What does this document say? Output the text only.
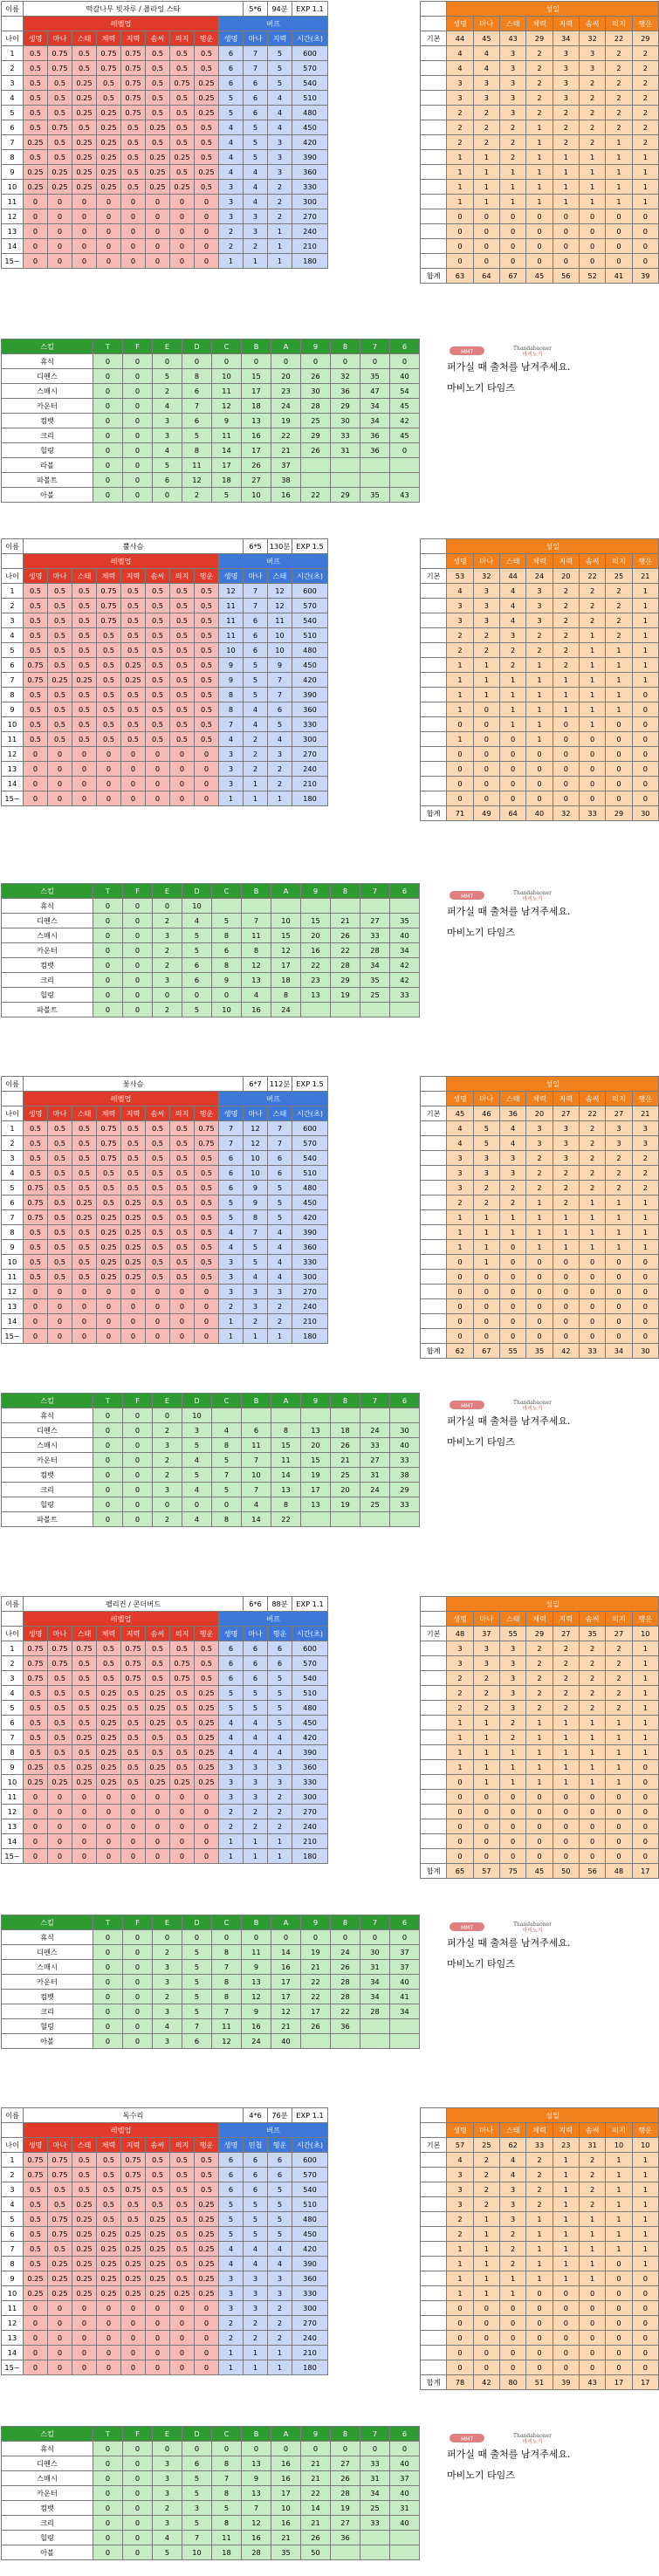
이름	떡갈나무 빗자루 / 플라잉 스타									5*6	94분	EXP 1.1
	레벨업								버프			
나이	생명	마나	스태	체력	지력	솜씨	의지	행운	생명	마나	지력	시간(초)
1	0.5	0.75	0.5	0.75	0.75	0.5	0.5	0.5	6	7	5	600
2	0.5	0.75	0.5	0.75	0.75	0.5	0.5	0.5	6	7	5	570
3	0.5	0.5	0.25	0.5	0.75	0.5	0.75	0.25	6	6	5	540
4	0.5	0.5	0.25	0.5	0.75	0.5	0.5	0.25	5	6	4	510
5	0.5	0.5	0.25	0.25	0.75	0.5	0.5	0.25	5	6	4	480
6	0.5	0.75	0.5	0.25	0.5	0.25	0.5	0.5	4	5	4	450
7	0.25	0.5	0.25	0.25	0.5	0.5	0.5	0.5	4	5	3	420
8	0.5	0.5	0.25	0.25	0.5	0.25	0.25	0.5	4	5	3	390
9	0.25	0.25	0.25	0.25	0.5	0.25	0.5	0.25	4	4	3	360
10	0.25	0.25	0.25	0.25	0.5	0.25	0.25	0.5	3	4	2	330
11	0	0	0	0	0	0	0	0	3	4	2	300
12	0	0	0	0	0	0	0	0	3	3	2	270
13	0	0	0	0	0	0	0	0	2	3	1	240
14	0	0	0	0	0	0	0	0	2	2	1	210
15~	0	0	0	0	0	0	0	0	1	1	1	180
	성일							
	생명	마나	스태	체력	지력	솜씨	의지	행운
기본	44	45	43	29	34	32	22	29
	4	4	3	2	3	3	2	2
	4	4	3	2	3	3	2	2
	3	3	3	2	3	2	2	2
	3	3	3	2	3	2	2	2
	2	2	3	2	2	2	2	2
	2	2	2	1	2	2	2	2
	2	2	2	1	2	2	1	2
	1	1	2	1	1	1	1	1
	1	1	1	1	1	1	1	1
	1	1	1	1	1	1	1	1
	1	1	1	1	1	1	1	1
	0	0	0	0	0	0	0	0
	0	0	0	0	0	0	0	0
	0	0	0	0	0	0	0	0
	0	0	0	0	0	0	0	0
합계	63	64	67	45	56	52	41	39
스킬	T	F	E	D	C	B	A	9	8	7	6
휴식	0	0	0	0	0	0	0	0	0	0	0
디펜스	0	0	5	8	10	15	20	26	32	35	40
스매시	0	0	2	6	11	17	23	30	36	47	54
카운터	0	0	4	7	12	18	24	28	29	34	45
컴뱃	0	0	3	6	9	13	19	25	30	34	42
크리	0	0	3	5	11	16	22	29	33	36	45
힐링	0	0	4	8	14	17	21	26	31	36	0
라볼	0	0	5	11	17	26	37				
파볼트	0	0	6	12	18	27	38				
아볼	0	0	0	2	5	10	16	22	29	35	43
MMT
Thandabaoner
마비노기
퍼가실 때 출처를 남겨주세요.
마비노기 타임즈
이름	뿔사슴									6*5	130분	EXP 1.5
	레벨업								버프			
나이	생명	마나	스태	체력	지력	솜씨	의지	행운	생명	마나	스태	시간(초)
1	0.5	0.5	0.5	0.75	0.5	0.5	0.5	0.5	12	7	12	600
2	0.5	0.5	0.5	0.75	0.5	0.5	0.5	0.5	11	7	12	570
3	0.5	0.5	0.5	0.75	0.5	0.5	0.5	0.5	11	6	11	540
4	0.5	0.5	0.5	0.5	0.5	0.5	0.5	0.5	11	6	10	510
5	0.5	0.5	0.5	0.5	0.5	0.5	0.5	0.5	10	6	10	480
6	0.75	0.5	0.5	0.5	0.25	0.5	0.5	0.5	9	5	9	450
7	0.75	0.25	0.25	0.5	0.25	0.5	0.5	0.5	9	5	7	420
8	0.5	0.5	0.5	0.5	0.5	0.5	0.5	0.5	8	5	7	390
9	0.5	0.5	0.5	0.5	0.5	0.5	0.5	0.5	8	4	6	360
10	0.5	0.5	0.5	0.5	0.5	0.5	0.5	0.5	7	4	5	330
11	0.5	0.5	0.5	0.5	0.5	0.5	0.5	0.5	4	2	4	300
12	0	0	0	0	0	0	0	0	3	2	3	270
13	0	0	0	0	0	0	0	0	3	2	2	240
14	0	0	0	0	0	0	0	0	3	1	2	210
15~	0	0	0	0	0	0	0	0	1	1	1	180
	성일							
	생명	마나	스태	체력	지력	솜씨	의지	행운
기본	53	32	44	24	20	22	25	21
	4	3	4	3	2	2	2	1
	3	3	4	3	2	2	2	1
	3	3	4	3	2	2	2	1
	2	2	3	2	2	1	2	1
	2	2	2	2	2	1	1	1
	1	1	2	1	2	1	1	1
	1	1	1	1	1	1	1	1
	1	1	1	1	1	1	1	0
	1	0	1	1	1	1	1	0
	0	0	1	1	0	1	0	0
	1	0	0	1	0	0	0	0
	0	0	0	0	0	0	0	0
	0	0	0	0	0	0	0	0
	0	0	0	0	0	0	0	0
	0	0	0	0	0	0	0	0
합계	71	49	64	40	32	33	29	30
스킬	T	F	E	D	C	B	A	9	8	7	6
휴식	0	0	0	10							
디펜스	0	0	2	4	5	7	10	15	21	27	35
스매시	0	0	3	5	8	11	15	20	26	33	40
카운터	0	0	2	5	6	8	12	16	22	28	34
컴뱃	0	0	2	6	8	12	17	22	28	34	42
크리	0	0	3	6	9	13	18	23	29	35	42
힐링	0	0	0	0	0	4	8	13	19	25	33
파볼트	0	0	2	5	10	16	24				
MMT
Thandabaoner
마비노기
퍼가실 때 출처를 남겨주세요.
마비노기 타임즈
이름	꽃사슴									6*7	112분	EXP 1.5
	레벨업								버프			
나이	생명	마나	스태	체력	지력	솜씨	의지	행운	생명	마나	스태	시간(초)
1	0.5	0.5	0.5	0.75	0.5	0.5	0.5	0.75	7	12	7	600
2	0.5	0.5	0.5	0.75	0.5	0.5	0.5	0.75	7	12	7	570
3	0.5	0.5	0.5	0.75	0.5	0.5	0.5	0.5	6	10	6	540
4	0.5	0.5	0.5	0.5	0.5	0.5	0.5	0.5	6	10	6	510
5	0.75	0.5	0.5	0.5	0.5	0.5	0.5	0.5	6	9	5	480
6	0.75	0.5	0.25	0.5	0.25	0.5	0.5	0.5	5	9	5	450
7	0.75	0.5	0.25	0.25	0.25	0.5	0.5	0.5	5	8	5	420
8	0.5	0.5	0.5	0.25	0.25	0.5	0.5	0.5	4	7	4	390
9	0.5	0.5	0.5	0.25	0.25	0.5	0.5	0.5	4	5	4	360
10	0.5	0.5	0.5	0.25	0.25	0.5	0.5	0.5	3	5	4	330
11	0.5	0.5	0.5	0.25	0.25	0.5	0.5	0.5	3	4	4	300
12	0	0	0	0	0	0	0	0	3	3	3	270
13	0	0	0	0	0	0	0	0	2	3	2	240
14	0	0	0	0	0	0	0	0	1	2	2	210
15~	0	0	0	0	0	0	0	0	1	1	1	180
	성일							
	생명	마나	스태	체력	지력	솜씨	의지	행운
기본	45	46	36	20	27	22	27	21
	4	5	4	3	3	2	3	3
	4	5	4	3	3	2	3	3
	3	3	3	2	3	2	2	2
	3	3	3	2	2	2	2	2
	3	2	2	2	2	2	2	2
	2	2	2	1	2	1	1	1
	1	1	1	1	1	1	1	1
	1	1	1	1	1	1	1	1
	1	1	0	1	1	1	1	1
	0	1	0	0	0	0	0	0
	0	0	0	0	0	0	0	0
	0	0	0	0	0	0	0	0
	0	0	0	0	0	0	0	0
	0	0	0	0	0	0	0	0
	0	0	0	0	0	0	0	0
합계	62	67	55	35	42	33	34	30
스킬	T	F	E	D	C	B	A	9	8	7	6
휴식	0	0	0	10							
디펜스	0	0	2	3	4	6	8	13	18	24	30
스매시	0	0	3	5	8	11	15	20	26	33	40
카운터	0	0	2	4	5	7	11	15	21	27	33
컴뱃	0	0	2	5	7	10	14	19	25	31	38
크리	0	0	3	4	5	7	13	17	20	24	29
힐링	0	0	0	0	0	4	8	13	19	25	33
파볼트	0	0	2	4	8	14	22				
MMT
Thandabaoner
마비노기
퍼가실 때 출처를 남겨주세요.
마비노기 타임즈
이름	펠리컨 / 콘더버드									6*6	88분	EXP 1.1
	레벨업								버프			
나이	생명	마나	스태	체력	지력	솜씨	의지	행운	생명	마나	행운	시간(초)
1	0.75	0.75	0.75	0.5	0.75	0.5	0.5	0.5	6	6	6	600
2	0.75	0.75	0.5	0.5	0.75	0.5	0.75	0.5	6	6	6	570
3	0.75	0.5	0.5	0.5	0.75	0.5	0.75	0.5	6	6	5	540
4	0.5	0.5	0.5	0.25	0.5	0.25	0.5	0.25	5	5	5	510
5	0.5	0.5	0.5	0.25	0.5	0.25	0.5	0.25	5	5	5	480
6	0.5	0.5	0.5	0.25	0.5	0.25	0.5	0.25	4	4	5	450
7	0.5	0.5	0.25	0.25	0.5	0.5	0.5	0.25	4	4	4	420
8	0.5	0.5	0.5	0.25	0.5	0.5	0.5	0.25	4	4	4	390
9	0.25	0.5	0.25	0.25	0.5	0.25	0.5	0.25	3	3	3	360
10	0.25	0.25	0.25	0.25	0.5	0.25	0.25	0.25	3	3	3	330
11	0	0	0	0	0	0	0	0	3	3	2	300
12	0	0	0	0	0	0	0	0	2	2	2	270
13	0	0	0	0	0	0	0	0	2	2	2	240
14	0	0	0	0	0	0	0	0	1	1	1	210
15~	0	0	0	0	0	0	0	0	1	1	1	180
	성일							
	생명	마나	스태	체력	지력	솜씨	의지	행운
기본	48	37	55	29	27	35	27	10
	3	3	3	2	2	2	2	1
	3	3	3	2	2	2	2	1
	2	2	3	2	2	2	2	1
	2	2	3	2	2	2	2	1
	2	2	3	2	2	2	2	1
	1	1	2	1	1	1	1	1
	1	1	2	1	1	1	1	1
	1	1	1	1	1	1	1	1
	1	1	1	1	1	1	1	0
	0	1	1	1	1	1	1	0
	0	0	0	0	0	0	0	0
	0	0	0	0	0	0	0	0
	0	0	0	0	0	0	0	0
	0	0	0	0	0	0	0	0
	0	0	0	0	0	0	0	0
합계	65	57	75	45	50	56	48	17
스킬	T	F	E	D	C	B	A	9	8	7	6
휴식	0	0	0	0	0	0	0	0	0	0	0
디펜스	0	0	2	5	8	11	14	19	24	30	37
스매시	0	0	3	5	7	9	16	21	26	31	37
카운터	0	0	3	5	8	13	17	22	28	34	40
컴뱃	0	0	2	5	8	12	17	22	28	34	41
크리	0	0	3	5	7	9	12	17	22	28	34
힐링	0	0	4	7	11	16	21	26	36		
아볼	0	0	3	6	12	24	40				
MMT
Thandabaoner
마비노기
퍼가실 때 출처를 남겨주세요.
마비노기 타임즈
이름	독수리									4*6	76분	EXP 1.1
	레벨업								버프			
나이	생명	마나	스태	체력	지력	솜씨	의지	행운	생명	민첩	행운	시간(초)
1	0.75	0.75	0.5	0.5	0.75	0.5	0.5	0.5	6	6	6	600
2	0.75	0.75	0.5	0.5	0.75	0.5	0.5	0.5	6	6	6	570
3	0.5	0.5	0.5	0.5	0.75	0.5	0.5	0.5	6	6	5	540
4	0.5	0.5	0.25	0.5	0.5	0.5	0.5	0.25	5	5	5	510
5	0.5	0.75	0.25	0.5	0.5	0.25	0.5	0.25	5	5	5	480
6	0.5	0.75	0.25	0.25	0.25	0.25	0.5	0.25	5	5	5	450
7	0.5	0.5	0.25	0.25	0.25	0.25	0.5	0.25	4	4	4	420
8	0.5	0.25	0.25	0.25	0.25	0.25	0.5	0.25	4	4	4	390
9	0.25	0.25	0.25	0.25	0.25	0.25	0.5	0.25	3	3	3	360
10	0.25	0.25	0.25	0.25	0.25	0.25	0.25	0.25	3	3	3	330
11	0	0	0	0	0	0	0	0	3	3	2	300
12	0	0	0	0	0	0	0	0	2	2	2	270
13	0	0	0	0	0	0	0	0	2	2	2	240
14	0	0	0	0	0	0	0	0	1	1	1	210
15~	0	0	0	0	0	0	0	0	1	1	1	180
	성일							
	생명	마나	스태	체력	지력	솜씨	의지	행운
기본	57	25	62	33	23	31	10	10
	4	2	4	2	1	2	1	1
	3	2	4	2	1	2	1	1
	3	2	3	2	1	2	1	1
	3	2	3	2	1	2	1	1
	2	1	3	1	1	1	1	1
	2	1	2	1	1	1	1	1
	1	1	2	1	1	1	1	1
	1	1	2	1	1	1	0	1
	1	1	1	1	1	1	0	0
	1	1	1	0	0	0	0	0
	0	0	0	0	0	0	0	0
	0	0	0	0	0	0	0	0
	0	0	0	0	0	0	0	0
	0	0	0	0	0	0	0	0
	0	0	0	0	0	0	0	0
합계	78	42	80	51	39	43	17	17
스킬	T	F	E	D	C	B	A	9	8	7	6
휴식	0	0	0	0	0	0	0	0	0	0	0
디펜스	0	0	3	6	8	13	16	21	27	33	40
스매시	0	0	3	5	7	9	16	21	26	31	37
카운터	0	0	3	5	8	13	17	22	28	34	40
컴뱃	0	0	2	3	5	7	10	14	19	25	31
크리	0	0	3	5	8	12	16	21	27	33	40
힐링	0	0	4	7	11	16	21	26	36		
아볼	0	0	5	10	18	28	35	50			
MMT
Thandabaoner
마비노기
퍼가실 때 출처를 남겨주세요.
마비노기 타임즈
